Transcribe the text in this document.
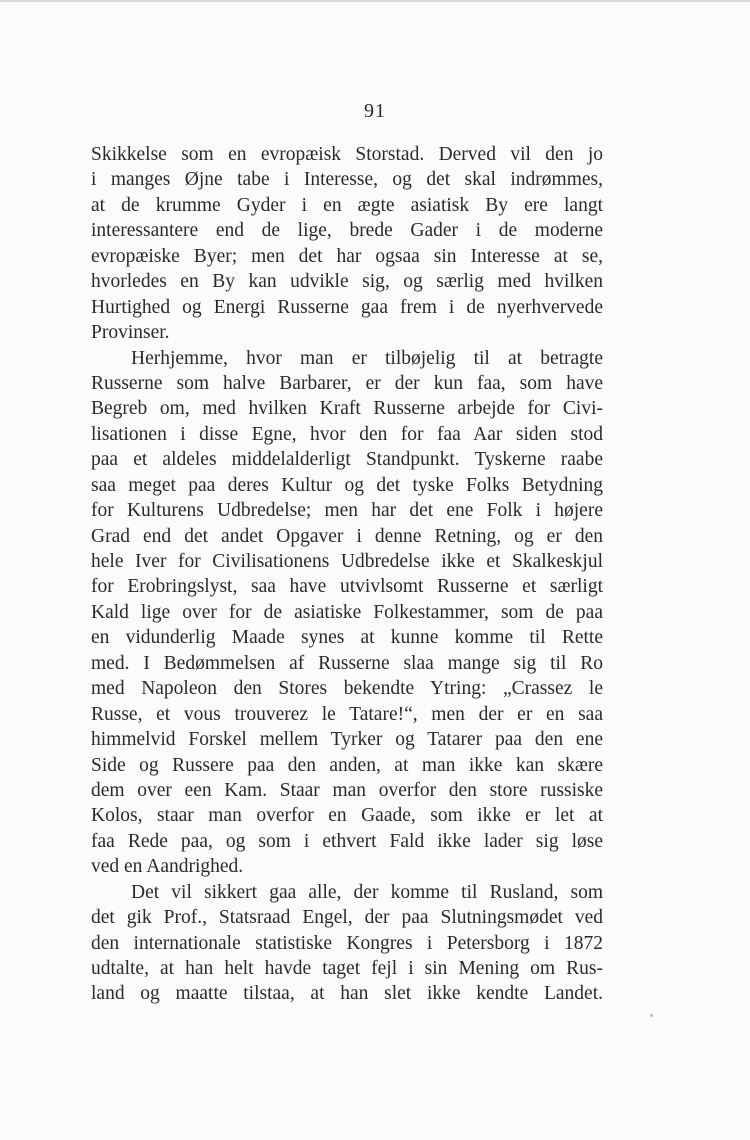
91
Skikkelse som en evropæisk Storstad. Derved vil den jo
i manges Øjne tabe i Interesse, og det skal indrømmes,
at de krumme Gyder i en ægte asiatisk By ere langt
interessantere end de lige, brede Gader i de moderne
evropæiske Byer; men det har ogsaa sin Interesse at se,
hvorledes en By kan udvikle sig, og særlig med hvilken
Hurtighed og Energi Russerne gaa frem i de nyerhvervede
Provinser.
Herhjemme, hvor man er tilbøjelig til at betragte
Russerne som halve Barbarer, er der kun faa, som have
Begreb om, med hvilken Kraft Russerne arbejde for Civi-
lisationen i disse Egne, hvor den for faa Aar siden stod
paa et aldeles middelalderligt Standpunkt. Tyskerne raabe
saa meget paa deres Kultur og det tyske Folks Betydning
for Kulturens Udbredelse; men har det ene Folk i højere
Grad end det andet Opgaver i denne Retning, og er den
hele Iver for Civilisationens Udbredelse ikke et Skalkeskjul
for Erobringslyst, saa have utvivlsomt Russerne et særligt
Kald lige over for de asiatiske Folkestammer, som de paa
en vidunderlig Maade synes at kunne komme til Rette
med. I Bedømmelsen af Russerne slaa mange sig til Ro
med Napoleon den Stores bekendte Ytring: „Crassez le
Russe, et vous trouverez le Tatare!“, men der er en saa
himmelvid Forskel mellem Tyrker og Tatarer paa den ene
Side og Russere paa den anden, at man ikke kan skære
dem over een Kam. Staar man overfor den store russiske
Kolos, staar man overfor en Gaade, som ikke er let at
faa Rede paa, og som i ethvert Fald ikke lader sig løse
ved en Aandrighed.
Det vil sikkert gaa alle, der komme til Rusland, som
det gik Prof., Statsraad Engel, der paa Slutningsmødet ved
den internationale statistiske Kongres i Petersborg i 1872
udtalte, at han helt havde taget fejl i sin Mening om Rus-
land og maatte tilstaa, at han slet ikke kendte Landet.
